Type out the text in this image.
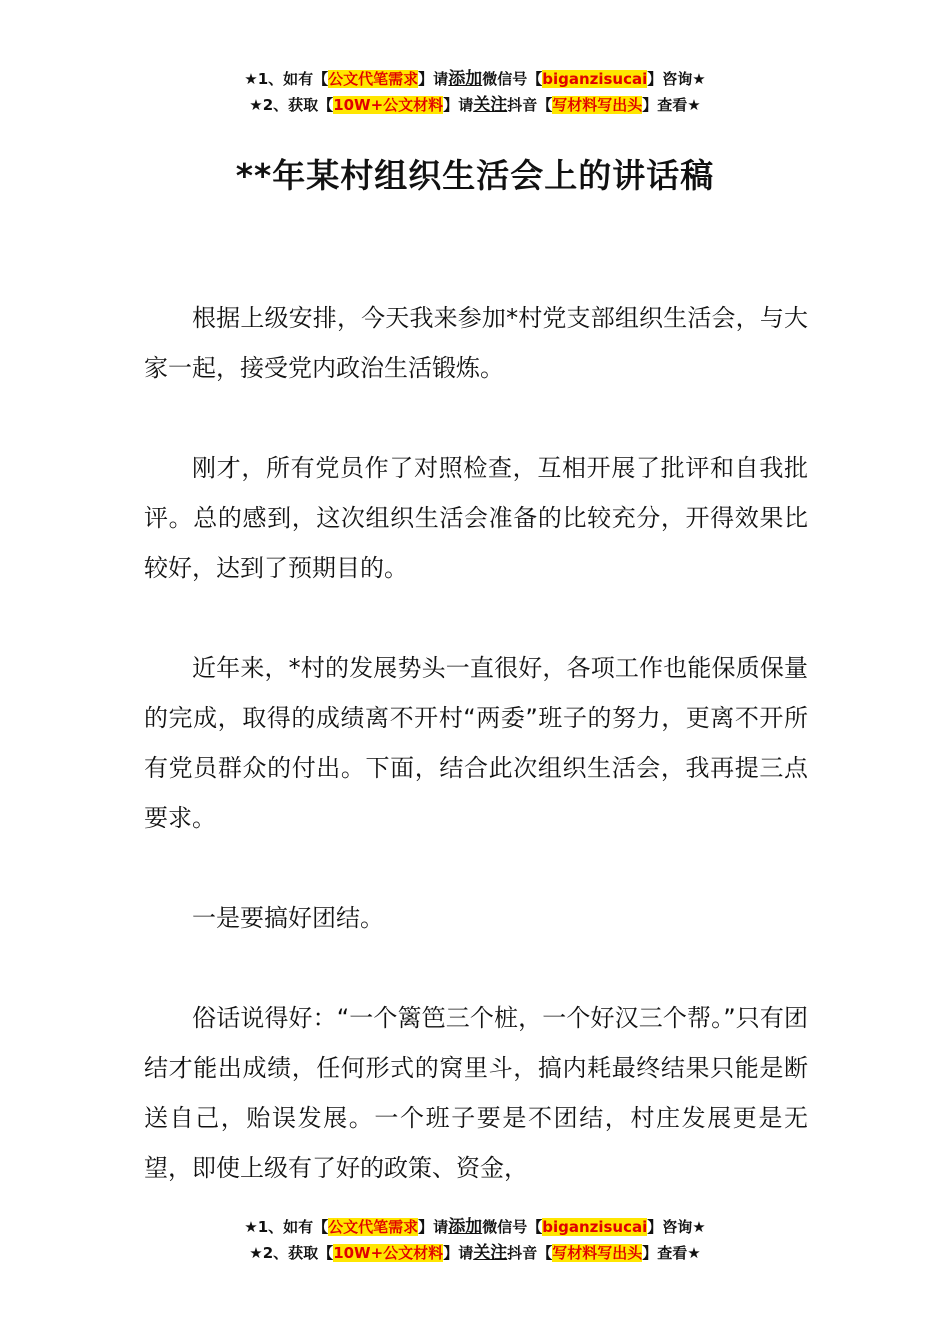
★1、如有【公文代笔需求】请添加微信号【biganzisucai】咨询★
★2、获取【10W+公文材料】请关注抖音【写材料写出头】查看★
**年某村组织生活会上的讲话稿

根据上级安排，今天我来参加*村党支部组织生活会，与大家一起，接受党内政治生活锻炼。

刚才，所有党员作了对照检查，互相开展了批评和自我批评。总的感到，这次组织生活会准备的比较充分，开得效果比较好，达到了预期目的。

近年来，*村的发展势头一直很好，各项工作也能保质保量的完成，取得的成绩离不开村“两委”班子的努力，更离不开所有党员群众的付出。下面，结合此次组织生活会，我再提三点要求。

一是要搞好团结。

俗话说得好：“一个篱笆三个桩，一个好汉三个帮。”只有团结才能出成绩，任何形式的窝里斗，搞内耗最终结果只能是断送自己，贻误发展。一个班子要是不团结，村庄发展更是无望，即使上级有了好的政策、资金，

★1、如有【公文代笔需求】请添加微信号【biganzisucai】咨询★
★2、获取【10W+公文材料】请关注抖音【写材料写出头】查看★
